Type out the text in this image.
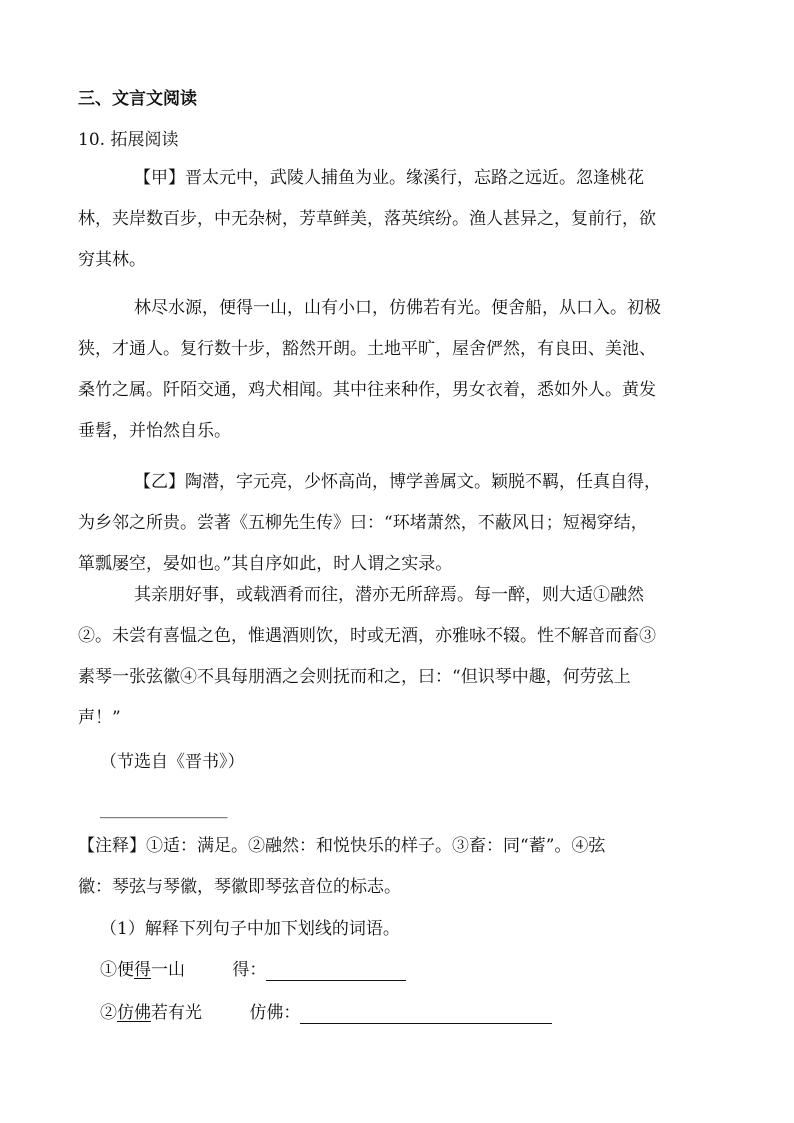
三、文言文阅读
10. 拓展阅读
【甲】晋太元中，武陵人捕鱼为业。缘溪行，忘路之远近。忽逢桃花
林，夹岸数百步，中无杂树，芳草鲜美，落英缤纷。渔人甚异之，复前行，欲
穷其林。
林尽水源，便得一山，山有小口，仿佛若有光。便舍船，从口入。初极
狭，才通人。复行数十步，豁然开朗。土地平旷，屋舍俨然，有良田、美池、
桑竹之属。阡陌交通，鸡犬相闻。其中往来种作，男女衣着，悉如外人。黄发
垂髫，并怡然自乐。
【乙】陶潜，字元亮，少怀高尚，博学善属文。颖脱不羁，任真自得，
为乡邻之所贵。尝著《五柳先生传》曰：“环堵萧然，不蔽风日；短褐穿结，
箪瓢屡空，晏如也。”其自序如此，时人谓之实录。
其亲朋好事，或载酒肴而往，潜亦无所辞焉。每一醉，则大适①融然
②。未尝有喜愠之色，惟遇酒则饮，时或无酒，亦雅咏不辍。性不解音而畜③
素琴一张弦徽④不具每朋酒之会则抚而和之，曰：“但识琴中趣，何劳弦上
声！”
（节选自《晋书》）
_______________
【注释】①适：满足。②融然：和悦快乐的样子。③畜：同“蓄”。④弦
徽：琴弦与琴徽，琴徽即琴弦音位的标志。
（1）解释下列句子中加下划线的词语。
①便得一山	得：
②仿佛若有光	仿佛：
